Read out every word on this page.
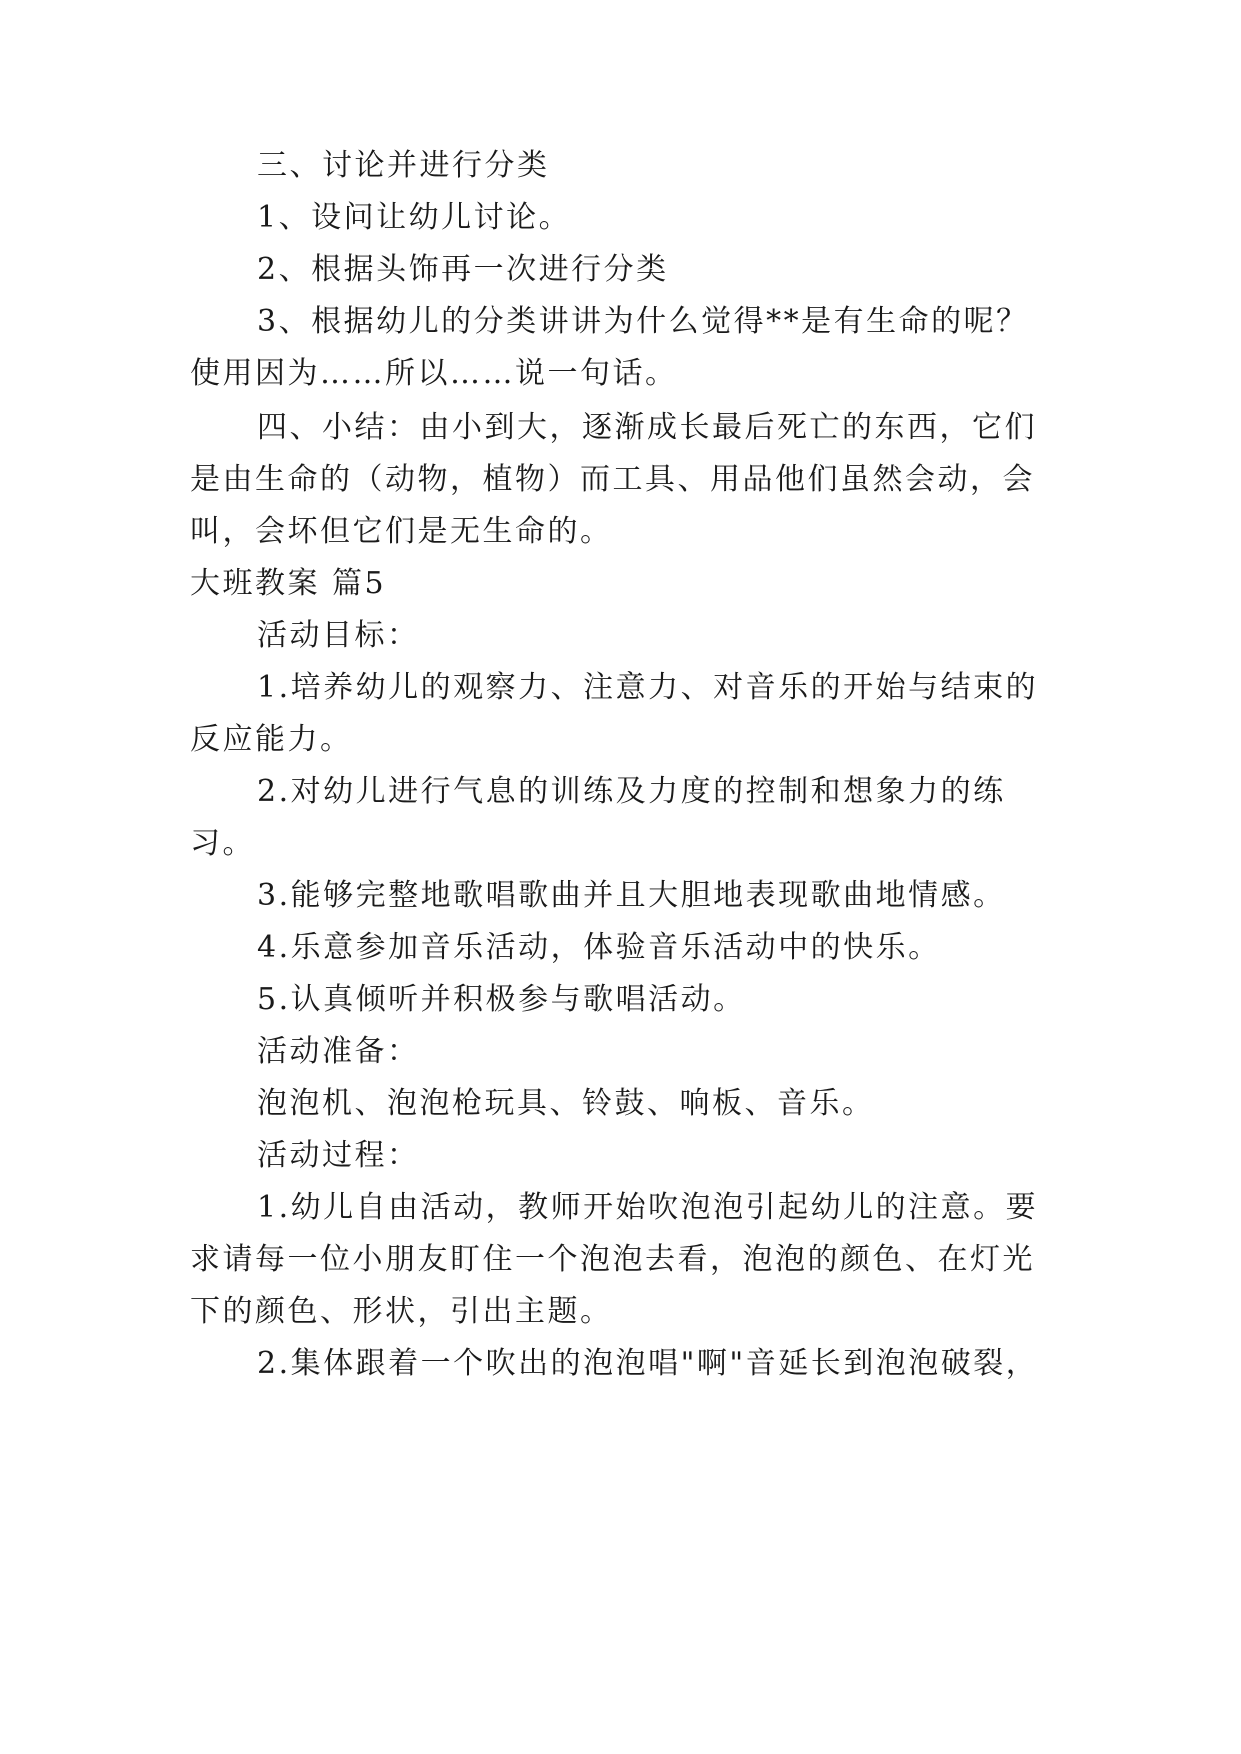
三、讨论并进行分类
1、设问让幼儿讨论。
2、根据头饰再一次进行分类
3、根据幼儿的分类讲讲为什么觉得**是有生命的呢？
使用因为……所以……说一句话。
四、小结：由小到大，逐渐成长最后死亡的东西，它们
是由生命的（动物，植物）而工具、用品他们虽然会动，会
叫，会坏但它们是无生命的。
大班教案 篇5
活动目标：
1.培养幼儿的观察力、注意力、对音乐的开始与结束的
反应能力。
2.对幼儿进行气息的训练及力度的控制和想象力的练
习。
3.能够完整地歌唱歌曲并且大胆地表现歌曲地情感。
4.乐意参加音乐活动，体验音乐活动中的快乐。
5.认真倾听并积极参与歌唱活动。
活动准备：
泡泡机、泡泡枪玩具、铃鼓、响板、音乐。
活动过程：
1.幼儿自由活动，教师开始吹泡泡引起幼儿的注意。要
求请每一位小朋友盯住一个泡泡去看，泡泡的颜色、在灯光
下的颜色、形状，引出主题。
2.集体跟着一个吹出的泡泡唱"啊"音延长到泡泡破裂，
